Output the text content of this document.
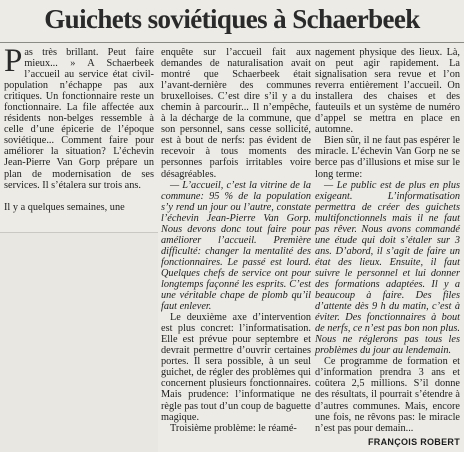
Guichets soviétiques à Schaerbeek

Pas très brillant. Peut faire mieux... » A Schaerbeek l’accueil au service état civil-population n’échappe pas aux critiques. Un fonctionnaire reste un fonctionnaire. La file affectée aux résidents non-belges ressemble à celle d’une épicerie de l’époque soviétique... Comment faire pour améliorer la situation? L’échevin Jean-Pierre Van Gorp prépare un plan de modernisation de ses services. Il s’étalera sur trois ans.

Il y a quelques semaines, une

enquête sur l’accueil fait aux demandes de naturalisation avait montré que Schaerbeek était l’avant-dernière des communes bruxelloises. C’est dire s’il y a du chemin à parcourir... Il n’empêche, à la décharge de la commune, que son personnel, sans cesse sollicité, est à bout de nerfs: pas évident de recevoir à tous moments des personnes parfois irritables voire désagréables.

— L’accueil, c’est la vitrine de la commune: 95 % de la population s’y rend un jour ou l’autre, constate l’échevin Jean-Pierre Van Gorp. Nous devons donc tout faire pour améliorer l’accueil. Première difficulté: changer la mentalité des fonctionnaires. Le passé est lourd. Quelques chefs de service ont pour longtemps façonné les esprits. C’est une véritable chape de plomb qu’il faut enlever.

Le deuxième axe d’intervention est plus concret: l’informatisation. Elle est prévue pour septembre et devrait permettre d’ouvrir certaines portes. Il sera possible, à un seul guichet, de régler des problèmes qui concernent plusieurs fonctionnaires. Mais prudence: l’informatique ne règle pas tout d’un coup de baguette magique.

Troisième problème: le réamé-

nagement physique des lieux. Là, on peut agir rapidement. La signalisation sera revue et l’on reverra entièrement l’accueil. On installera des chaises et des fauteuils et un système de numéro d’appel se mettra en place en automne.

Bien sûr, il ne faut pas espérer le miracle. L’échevin Van Gorp ne se berce pas d’illusions et mise sur le long terme:

— Le public est de plus en plus exigeant. L’informatisation permettra de créer des guichets multifonctionnels mais il ne faut pas rêver. Nous avons commandé une étude qui doit s’étaler sur 3 ans. D’abord, il s’agit de faire un état des lieux. Ensuite, il faut suivre le personnel et lui donner des formations adaptées. Il y a beaucoup à faire. Des files d’attente dès 9 h du matin, c’est à éviter. Des fonctionnaires à bout de nerfs, ce n’est pas bon non plus. Nous ne réglerons pas tous les problèmes du jour au lendemain.

Ce programme de formation et d’information prendra 3 ans et coûtera 2,5 millions. S’il donne des résultats, il pourrait s’étendre à d’autres communes. Mais, encore une fois, ne rêvons pas: le miracle n’est pas pour demain...

FRANÇOIS ROBERT
